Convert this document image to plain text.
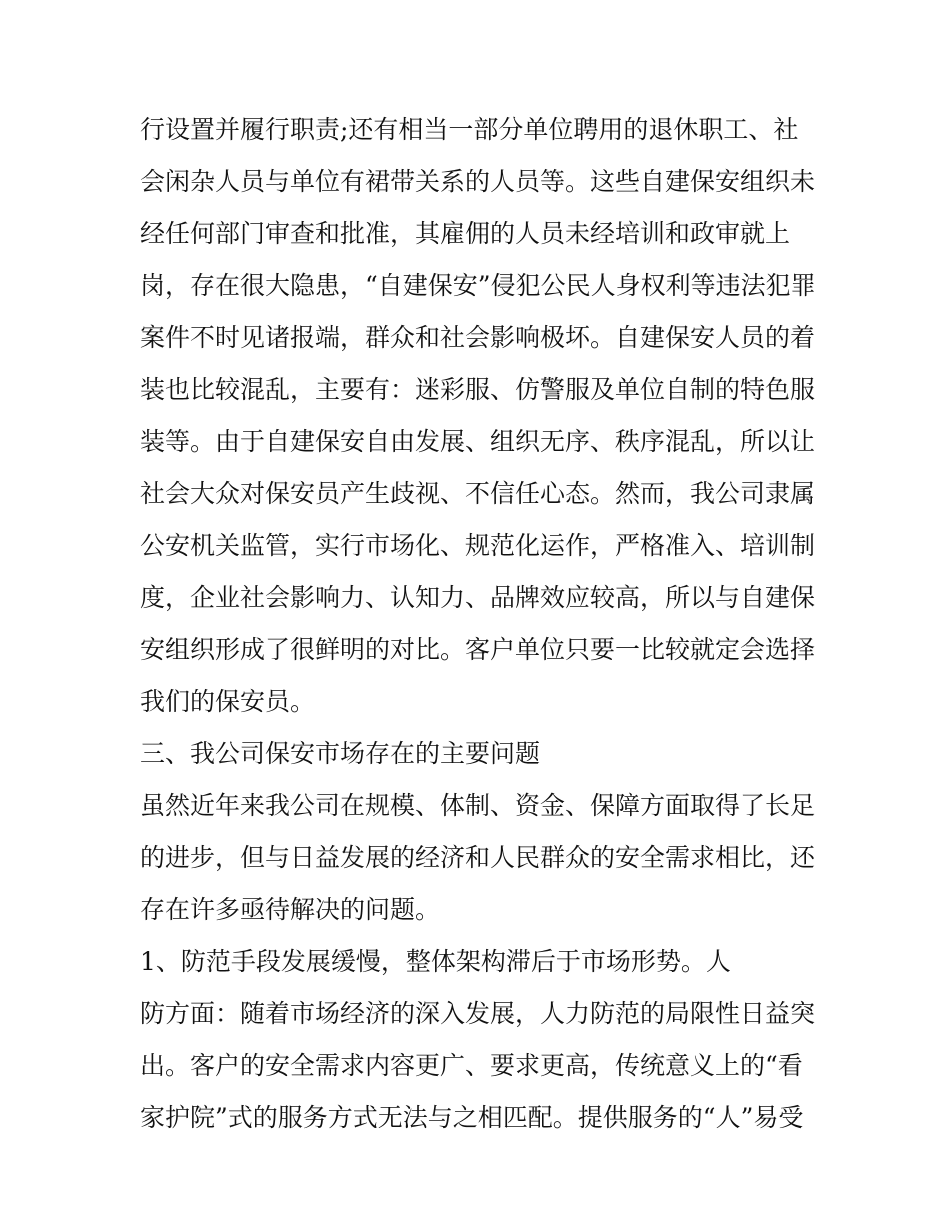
行设置并履行职责;还有相当一部分单位聘用的退休职工、社
会闲杂人员与单位有裙带关系的人员等。这些自建保安组织未
经任何部门审查和批准，其雇佣的人员未经培训和政审就上
岗，存在很大隐患，“自建保安”侵犯公民人身权利等违法犯罪
案件不时见诸报端，群众和社会影响极坏。自建保安人员的着
装也比较混乱，主要有：迷彩服、仿警服及单位自制的特色服
装等。由于自建保安自由发展、组织无序、秩序混乱，所以让
社会大众对保安员产生歧视、不信任心态。然而，我公司隶属
公安机关监管，实行市场化、规范化运作，严格准入、培训制
度，企业社会影响力、认知力、品牌效应较高，所以与自建保
安组织形成了很鲜明的对比。客户单位只要一比较就定会选择
我们的保安员。
三、我公司保安市场存在的主要问题
虽然近年来我公司在规模、体制、资金、保障方面取得了长足
的进步，但与日益发展的经济和人民群众的安全需求相比，还
存在许多亟待解决的问题。
1、防范手段发展缓慢，整体架构滞后于市场形势。人
防方面：随着市场经济的深入发展，人力防范的局限性日益突
出。客户的安全需求内容更广、要求更高，传统意义上的“看
家护院”式的服务方式无法与之相匹配。提供服务的“人”易受
